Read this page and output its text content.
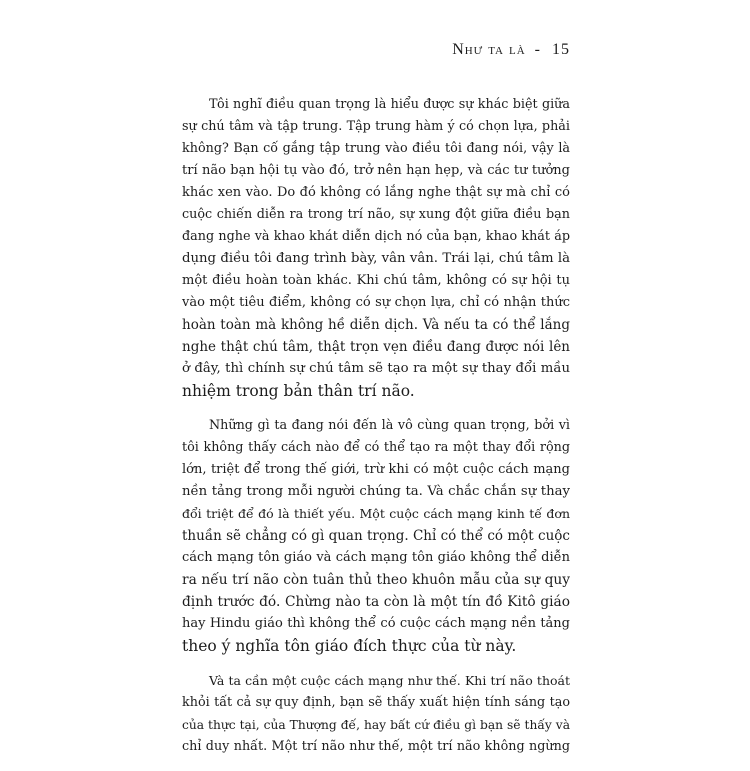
Như ta là - 15
Tôi nghĩ điều quan trọng là hiểu được sự khác biệt giữa
sự chú tâm và tập trung. Tập trung hàm ý có chọn lựa, phải
không? Bạn cố gắng tập trung vào điều tôi đang nói, vậy là
trí não bạn hội tụ vào đó, trở nên hạn hẹp, và các tư tưởng
khác xen vào. Do đó không có lắng nghe thật sự mà chỉ có
cuộc chiến diễn ra trong trí não, sự xung đột giữa điều bạn
đang nghe và khao khát diễn dịch nó của bạn, khao khát áp
dụng điều tôi đang trình bày, vân vân. Trái lại, chú tâm là
một điều hoàn toàn khác. Khi chú tâm, không có sự hội tụ
vào một tiêu điểm, không có sự chọn lựa, chỉ có nhận thức
hoàn toàn mà không hề diễn dịch. Và nếu ta có thể lắng
nghe thật chú tâm, thật trọn vẹn điều đang được nói lên
ở đây, thì chính sự chú tâm sẽ tạo ra một sự thay đổi mầu
nhiệm trong bản thân trí não.
Những gì ta đang nói đến là vô cùng quan trọng, bởi vì
tôi không thấy cách nào để có thể tạo ra một thay đổi rộng
lớn, triệt để trong thế giới, trừ khi có một cuộc cách mạng
nền tảng trong mỗi người chúng ta. Và chắc chắn sự thay
đổi triệt để đó là thiết yếu. Một cuộc cách mạng kinh tế đơn
thuần sẽ chẳng có gì quan trọng. Chỉ có thể có một cuộc
cách mạng tôn giáo và cách mạng tôn giáo không thể diễn
ra nếu trí não còn tuân thủ theo khuôn mẫu của sự quy
định trước đó. Chừng nào ta còn là một tín đồ Kitô giáo
hay Hindu giáo thì không thể có cuộc cách mạng nền tảng
theo ý nghĩa tôn giáo đích thực của từ này.
Và ta cần một cuộc cách mạng như thế. Khi trí não thoát
khỏi tất cả sự quy định, bạn sẽ thấy xuất hiện tính sáng tạo
của thực tại, của Thượng đế, hay bất cứ điều gì bạn sẽ thấy và
chỉ duy nhất. Một trí não như thế, một trí não không ngừng
